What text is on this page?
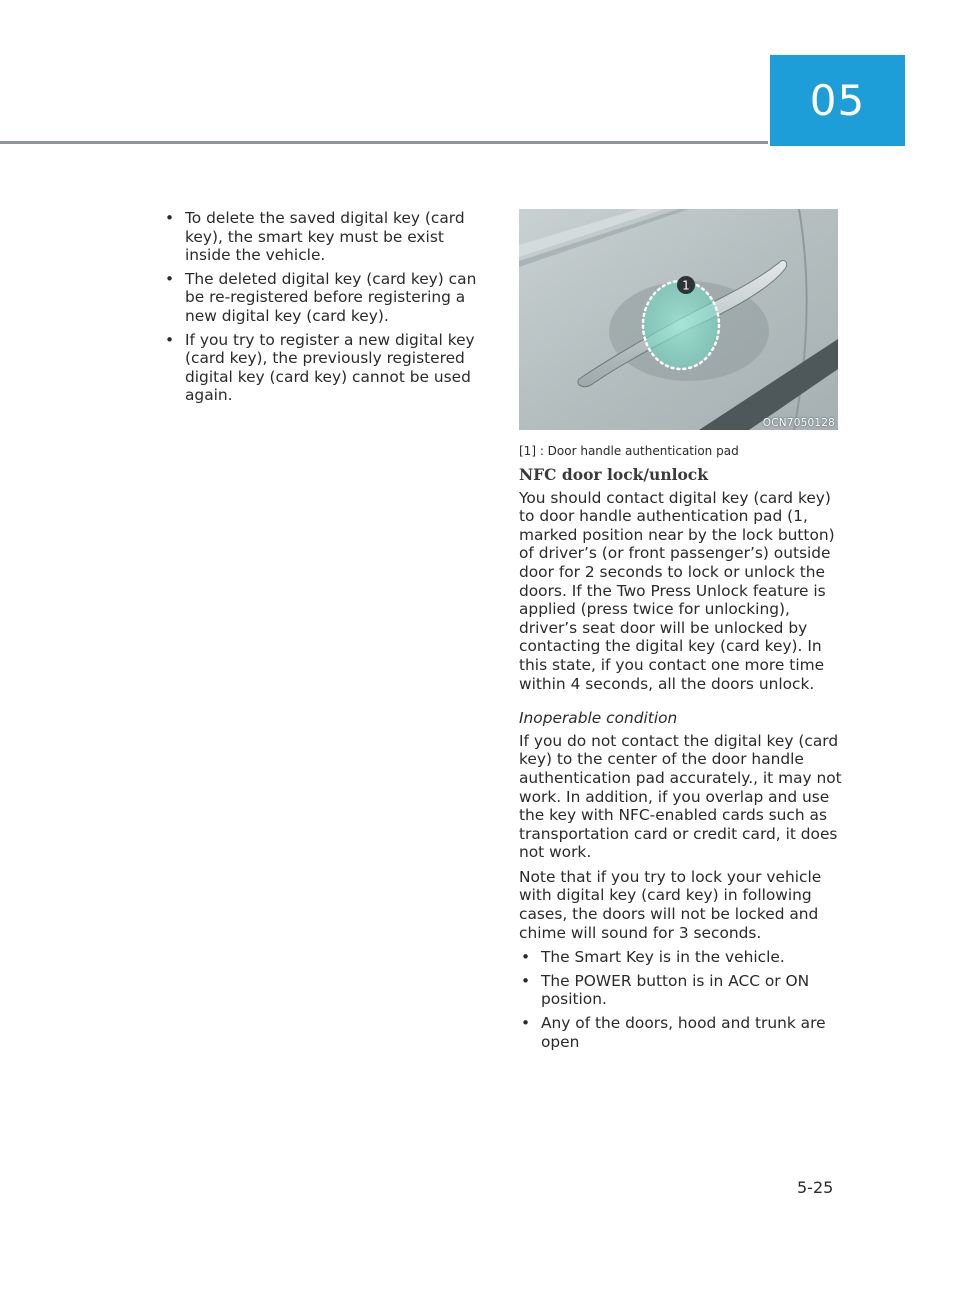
05
• To delete the saved digital key (card key), the smart key must be exist inside the vehicle.
• The deleted digital key (card key) can be re-registered before registering a new digital key (card key).
• If you try to register a new digital key (card key), the previously registered digital key (card key) cannot be used again.
1
OCN7050128
[1] : Door handle authentication pad
NFC door lock/unlock

You should contact digital key (card key) to door handle authentication pad (1, marked position near by the lock button) of driver’s (or front passenger’s) outside door for 2 seconds to lock or unlock the doors. If the Two Press Unlock feature is applied (press twice for unlocking), driver’s seat door will be unlocked by contacting the digital key (card key). In this state, if you contact one more time within 4 seconds, all the doors unlock.

Inoperable condition

If you do not contact the digital key (card key) to the center of the door handle authentication pad accurately., it may not work. In addition, if you overlap and use the key with NFC-enabled cards such as transportation card or credit card, it does not work.

Note that if you try to lock your vehicle with digital key (card key) in following cases, the doors will not be locked and chime will sound for 3 seconds.

• The Smart Key is in the vehicle.
• The POWER button is in ACC or ON position.
• Any of the doors, hood and trunk are open
5-25
